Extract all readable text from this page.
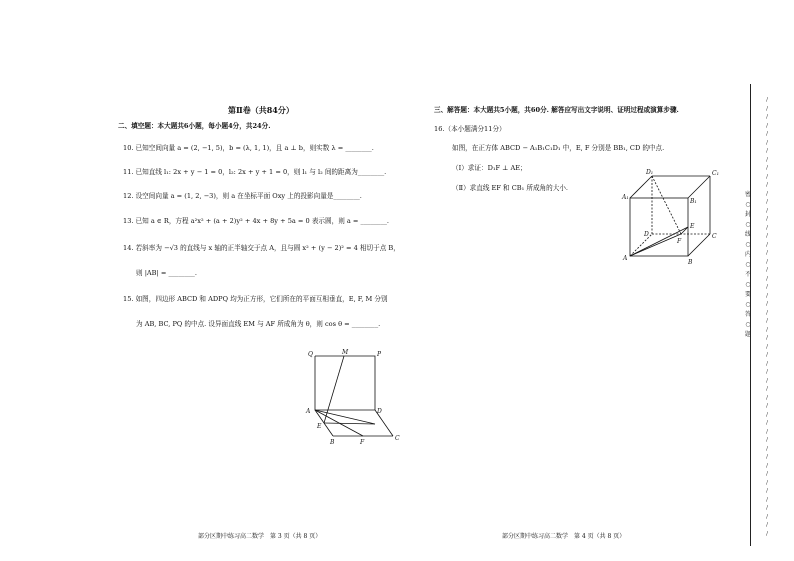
第Ⅱ卷（共84分）
二、填空题：本大题共6小题，每小题4分，共24分.
10. 已知空间向量 a = (2, −1, 5)，b = (λ, 1, 1)，且 a ⊥ b，则实数 λ = ________.
11. 已知直线 l₁: 2x + y − 1 = 0，l₂: 2x + y + 1 = 0，则 l₁ 与 l₂ 间的距离为________.
12. 设空间向量 a = (1, 2, −3)，则 a 在坐标平面 Oxy 上的投影向量是________.
13. 已知 a ∈ R，方程 a²x² + (a + 2)y² + 4x + 8y + 5a = 0 表示圆，则 a = ________.
14. 若斜率为 −√3 的直线与 x 轴的正半轴交于点 A，且与圆 x² + (y − 2)² = 4 相切于点 B，
则 |AB| = ________.
15. 如图，四边形 ABCD 和 ADPQ 均为正方形，它们所在的平面互相垂直，E, F, M 分别
为 AB, BC, PQ 的中点. 设异面直线 EM 与 AF 所成角为 θ，则 cos θ = ________.
Q	M	P
A	D
E
B	F
C
部分区期中练习高二数学　第 3 页（共 8 页）
三、解答题：本大题共5小题，共60分. 解答应写出文字说明、证明过程或演算步骤.
16.（本小题满分11分）
如图，在正方体 ABCD − A₁B₁C₁D₁ 中，E, F 分别是 BB₁, CD 的中点.
（Ⅰ）求证：D₁F ⊥ AE；
（Ⅱ）求直线 EF 和 CB₁ 所成角的大小.
D₁	C₁
A₁
B₁
D
E
F
C
A
B
部分区期中练习高二数学　第 4 页（共 8 页）
/
/
/
/
/
/
/
/
/
/
/
/
/
/
/
/
/
/
/
/
/
/
/
/
/
/
/
/
/
/
/
/
/
/
/
/
/
/
/
/
/
/
/
/
/
/
/
/
/
/
/
/
密
○
封
○
线
○
内
○
不
○
要
○
答
○
题
